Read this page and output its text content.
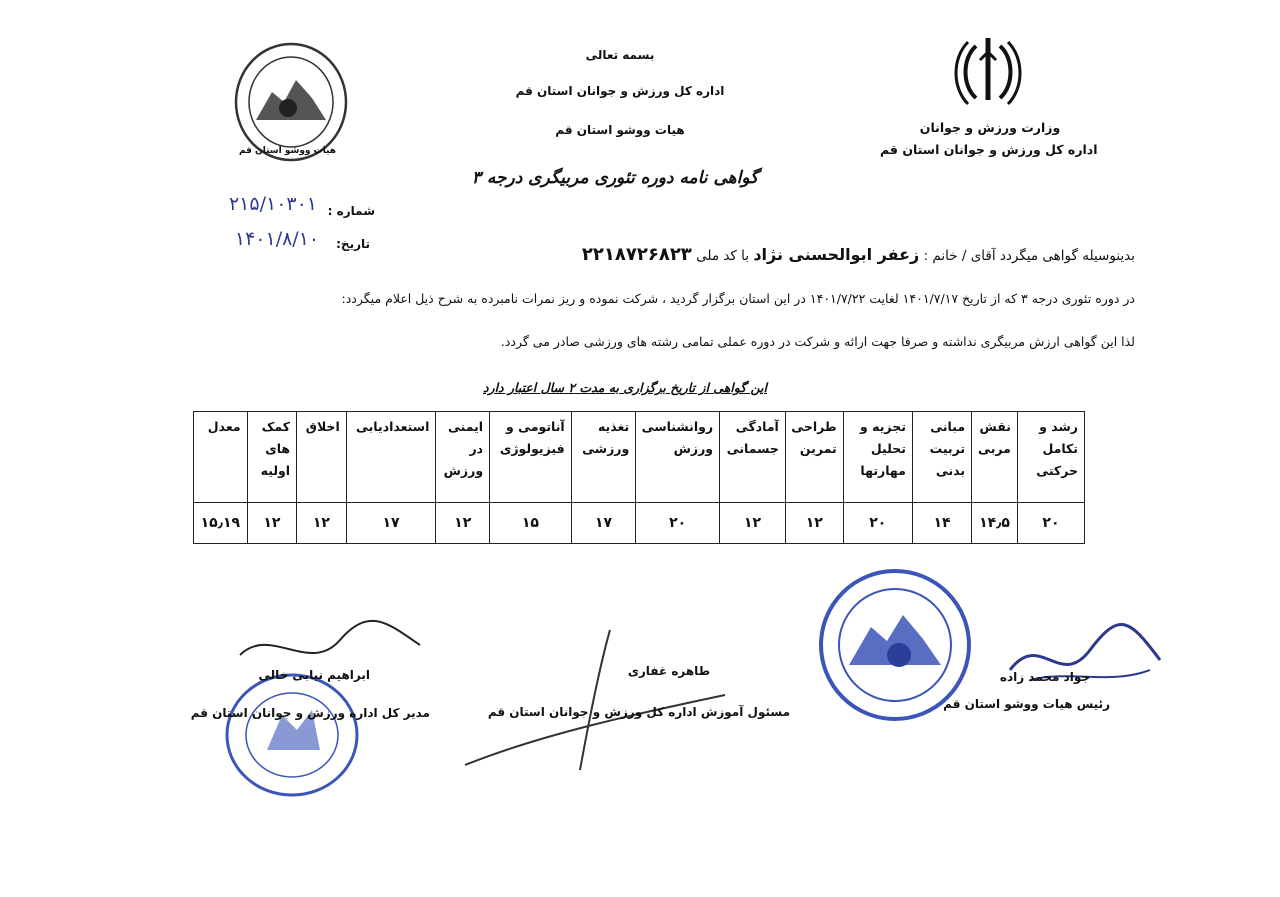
وزارت ورزش و جوانان
اداره کل ورزش و جوانان استان قم
بسمه تعالی
اداره کل ورزش و جوانان استان قم
هیات ووشو استان قم
گواهی نامه دوره تئوری مربیگری درجه ۳
هیات ووشو استان قم
شماره :
۲۱۵/۱۰۳۰۱
تاریخ:
۱۴۰۱/۸/۱۰
بدینوسیله گواهی میگردد آقای / خانم : زعفر ابوالحسنی نژاد با کد ملی ۲۲۱۸۷۲۶۸۲۳
در دوره تئوری درجه ۳ که از تاریخ ۱۴۰۱/۷/۱۷ لغایت ۱۴۰۱/۷/۲۲ در این استان برگزار گردید ، شرکت نموده و ریز نمرات نامبرده به شرح ذیل اعلام میگردد:
لذا این گواهی ارزش مربیگری نداشته و صرفا جهت ارائه و شرکت در دوره عملی تمامی رشته های ورزشی صادر می گردد.
این گواهی از تاریخ برگزاری به مدت ۲ سال اعتبار دارد
رشد و تکامل حرکتی	نقش مربی	مبانی تربیت بدنی	تجزیه و تحلیل مهارتها	طراحی تمرین	آمادگی جسمانی	روانشناسی ورزش	تغذیه ورزشی	آناتومی و فیزیولوژی	ایمنی در ورزش	استعدادیابی	اخلاق	کمک های اولیه	معدل
۲۰	۱۴٫۵	۱۴	۲۰	۱۲	۱۲	۲۰	۱۷	۱۵	۱۲	۱۷	۱۲	۱۲	۱۵٫۱۹
جواد محمد زاده
رئیس هیات ووشو استان قم
طاهره غفاری
مسئول آموزش اداره کل ورزش و جوانان استان قم
ابراهیم نیابی خالی
مدیر کل اداره ورزش و جوانان استان قم
